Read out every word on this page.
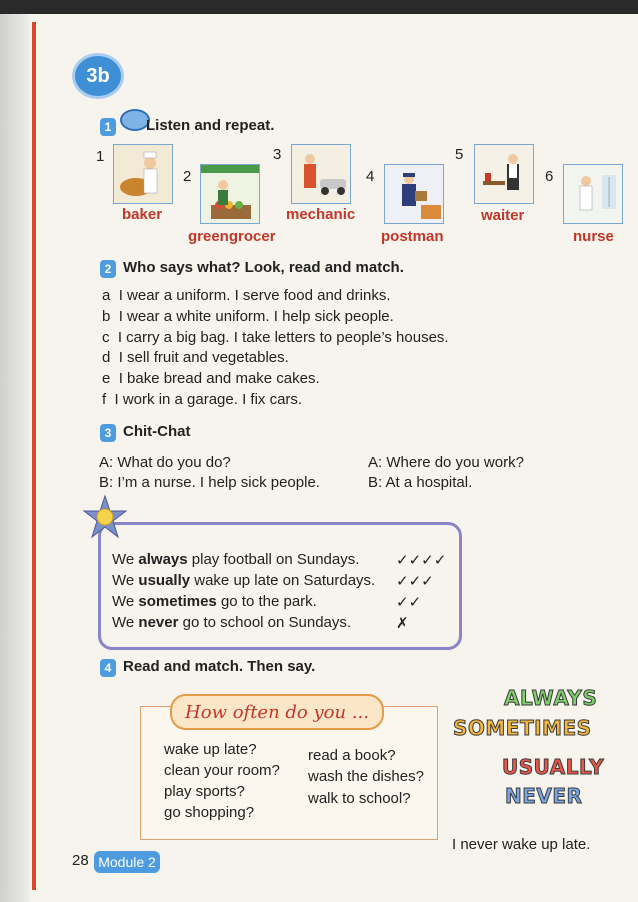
3b
1	Listen and repeat.
1
baker
2
greengrocer
3
mechanic
4
postman
5
waiter
6
nurse
2 Who says what? Look, read and match.
a I wear a uniform. I serve food and drinks.
b I wear a white uniform. I help sick people.
c I carry a big bag. I take letters to people’s houses.
d I sell fruit and vegetables.
e I bake bread and make cakes.
f I work in a garage. I fix cars.
3 Chit-Chat
A: What do you do?
B: I’m a nurse. I help sick people.
A: Where do you work?
B: At a hospital.
We always play football on Sundays. ✓✓✓✓
We usually wake up late on Saturdays. ✓✓✓
We sometimes go to the park.	✓✓
We never go to school on Sundays.	✗
4 Read and match. Then say.
How often do you ...
wake up late?
clean your room?
play sports?
go shopping?
read a book?
wash the dishes?
walk to school?
ALWAYS
SOMETIMES
USUALLY
NEVER
I never wake up late.
28 Module 2
